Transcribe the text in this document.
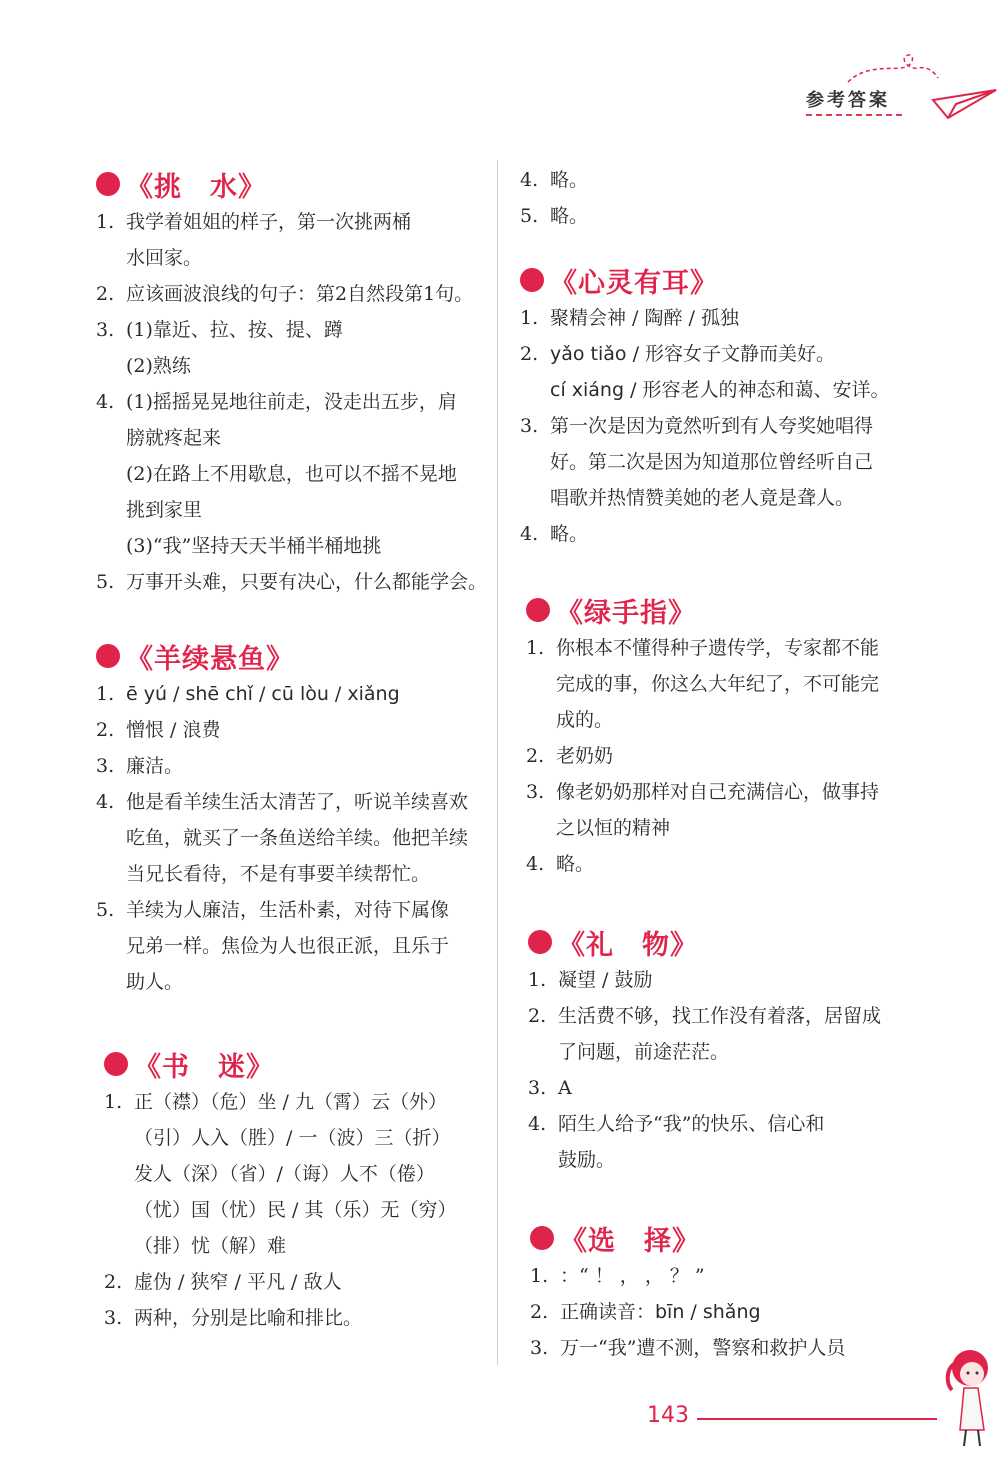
参考答案
《挑　水》
1. 我学着姐姐的样子，第一次挑两桶
水回家。
2. 应该画波浪线的句子：第2自然段第1句。
3. (1)靠近、拉、按、提、蹲
(2)熟练
4. (1)摇摇晃晃地往前走，没走出五步，肩
膀就疼起来
(2)在路上不用歇息，也可以不摇不晃地
挑到家里
(3)“我”坚持天天半桶半桶地挑
5. 万事开头难，只要有决心，什么都能学会。
《羊续悬鱼》
1. ē yú / shē chǐ / cū lòu / xiǎng
2. 憎恨 / 浪费
3. 廉洁。
4. 他是看羊续生活太清苦了，听说羊续喜欢
吃鱼，就买了一条鱼送给羊续。他把羊续
当兄长看待，不是有事要羊续帮忙。
5. 羊续为人廉洁，生活朴素，对待下属像
兄弟一样。焦俭为人也很正派，且乐于
助人。
《书　迷》
1. 正（襟）（危）坐 / 九（霄）云（外）
（引）人入（胜）/ 一（波）三（折）
发人（深）（省）/（诲）人不（倦）
（忧）国（忧）民 / 其（乐）无（穷）
（排）忧（解）难
2. 虚伪 / 狭窄 / 平凡 / 敌人
3. 两种，分别是比喻和排比。
4. 略。
5. 略。
《心灵有耳》
1. 聚精会神 / 陶醉 / 孤独
2. yǎo tiǎo / 形容女子文静而美好。
cí xiáng / 形容老人的神态和蔼、安详。
3. 第一次是因为竟然听到有人夸奖她唱得
好。第二次是因为知道那位曾经听自己
唱歌并热情赞美她的老人竟是聋人。
4. 略。
《绿手指》
1. 你根本不懂得种子遗传学，专家都不能
完成的事，你这么大年纪了，不可能完
成的。
2. 老奶奶
3. 像老奶奶那样对自己充满信心，做事持
之以恒的精神
4. 略。
《礼　物》
1. 凝望 / 鼓励
2. 生活费不够，找工作没有着落，居留成
了问题，前途茫茫。
3. A
4. 陌生人给予“我”的快乐、信心和
鼓励。
《选　择》
1. ：“ ！ ， ， ？ ”
2. 正确读音：bīn / shǎng
3. 万一“我”遭不测，警察和救护人员
143
